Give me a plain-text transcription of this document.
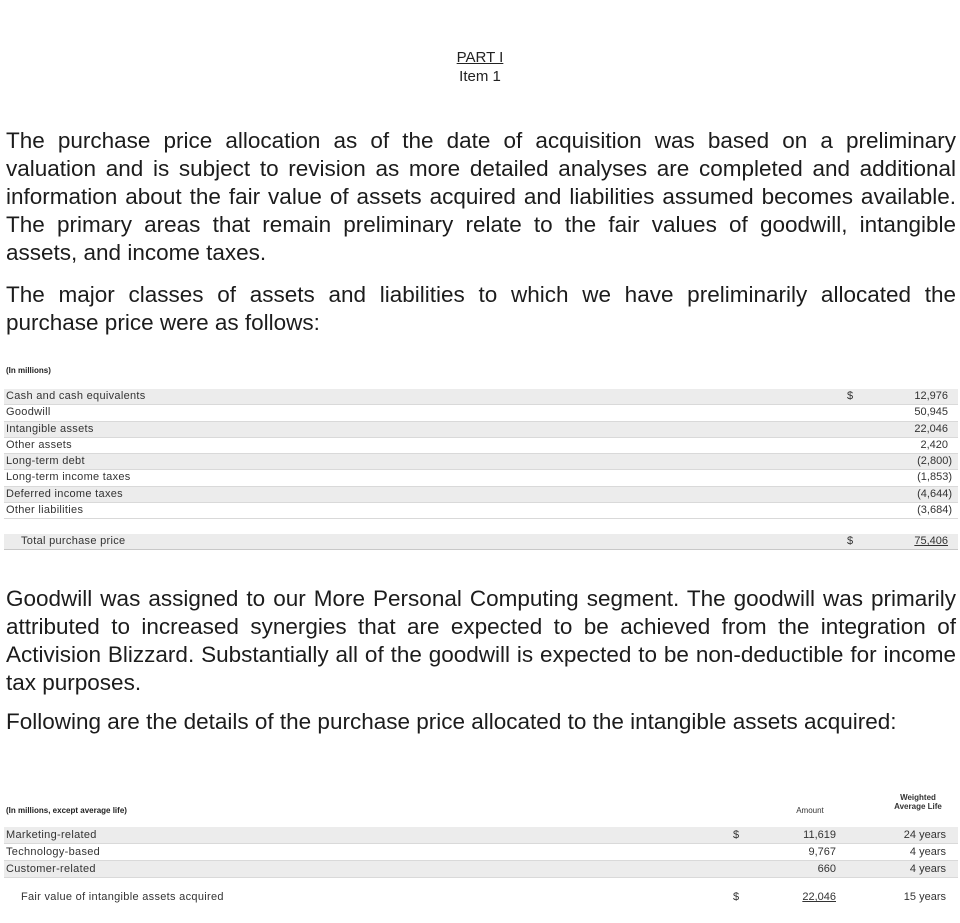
PART I
Item 1
The purchase price allocation as of the date of acquisition was based on a preliminary valuation and is subject to revision as more detailed analyses are completed and additional information about the fair value of assets acquired and liabilities assumed becomes available. The primary areas that remain preliminary relate to the fair values of goodwill, intangible assets, and income taxes.
The major classes of assets and liabilities to which we have preliminarily allocated the purchase price were as follows:
(In millions)
Cash and cash equivalents	$	12,976
Goodwill	50,945
Intangible assets	22,046
Other assets	2,420
Long-term debt	(2,800)
Long-term income taxes	(1,853)
Deferred income taxes	(4,644)
Other liabilities	(3,684)
Total purchase price	$	75,406
Goodwill was assigned to our More Personal Computing segment. The goodwill was primarily attributed to increased synergies that are expected to be achieved from the integration of Activision Blizzard. Substantially all of the goodwill is expected to be non-deductible for income tax purposes.
Following are the details of the purchase price allocated to the intangible assets acquired:
(In millions, except average life)	Amount
Weighted
Average Life
Marketing-related	$	11,619	24 years
Technology-based	9,767	4 years
Customer-related	660	4 years
Fair value of intangible assets acquired	$	22,046	15 years
